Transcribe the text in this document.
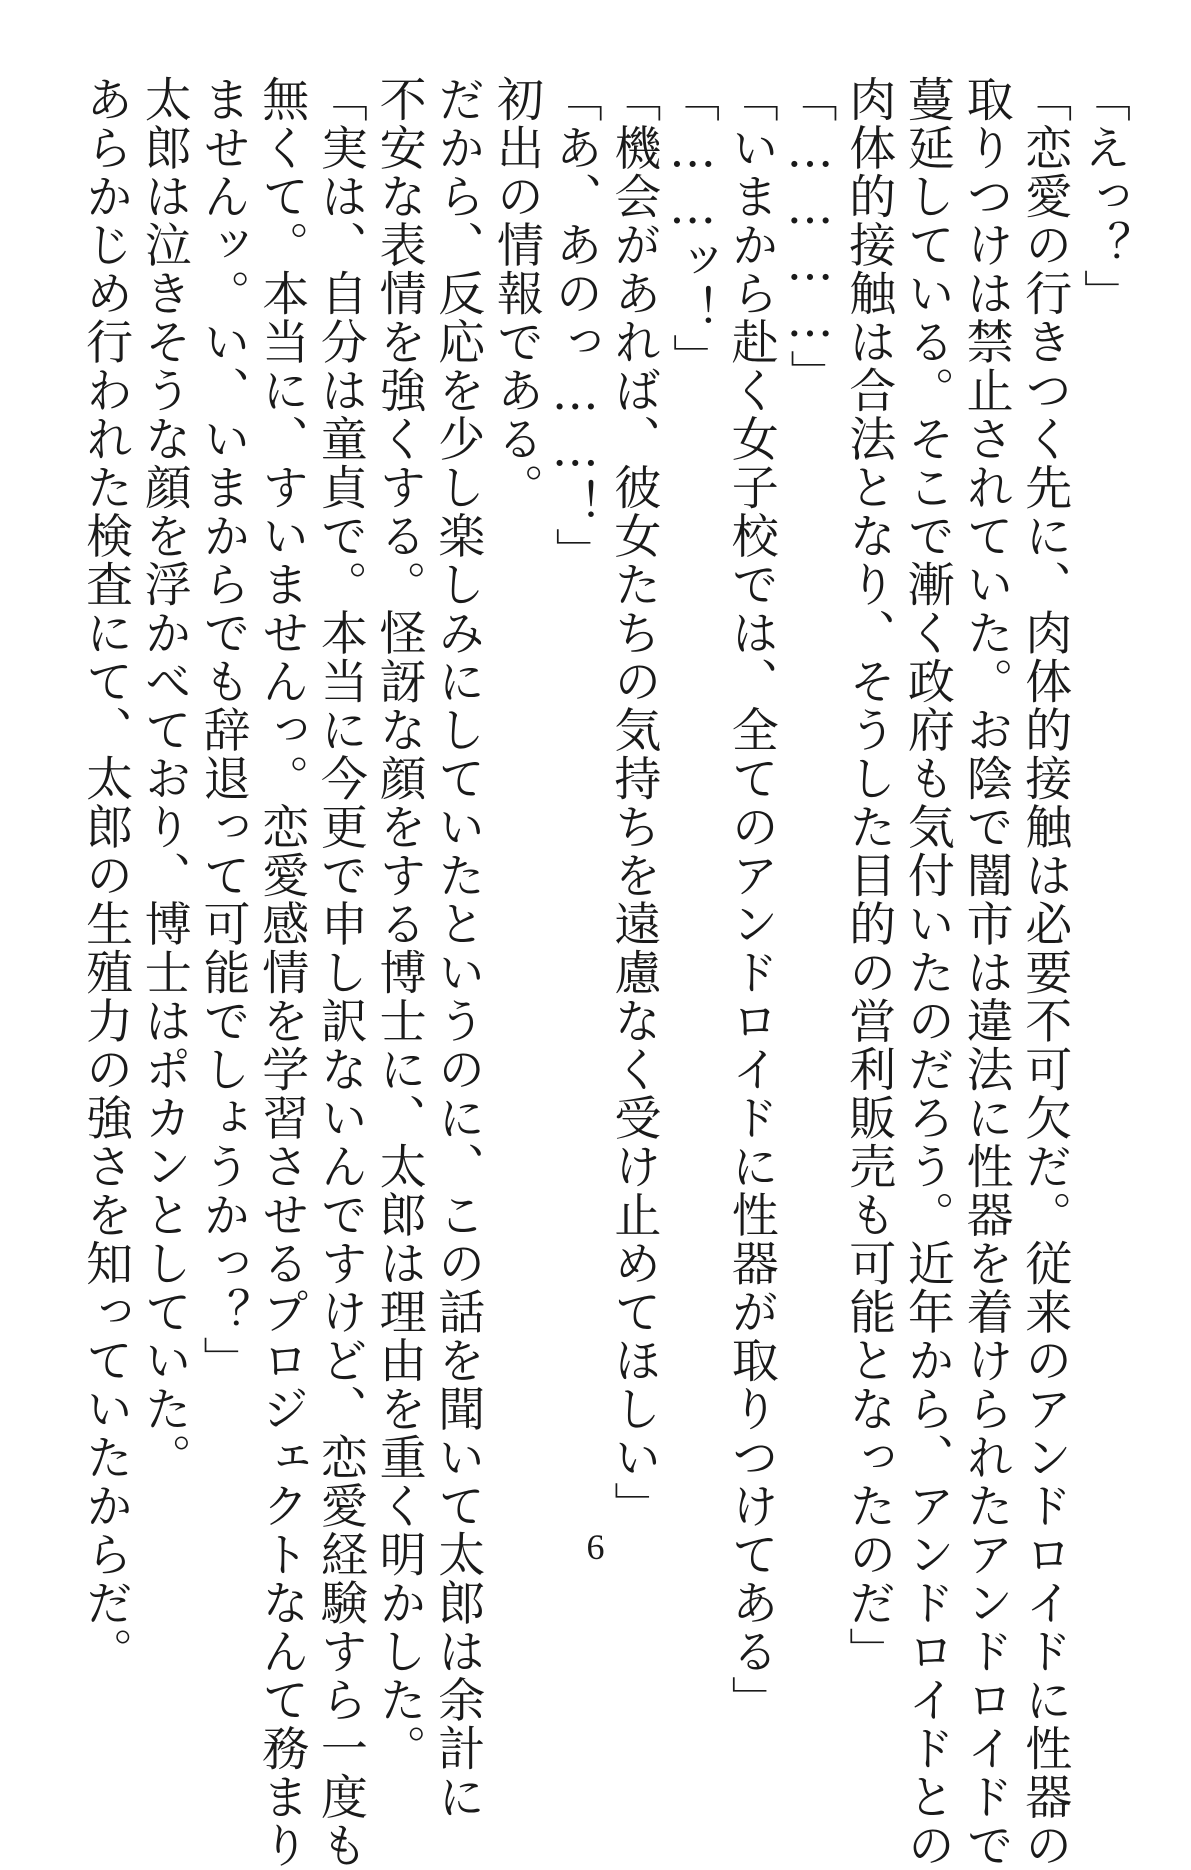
「えっ？」
「恋愛の行きつく先に、肉体的接触は必要不可欠だ。従来のアンドロイドに性器の
取りつけは禁止されていた。お陰で闇市は違法に性器を着けられたアンドロイドで
蔓延している。そこで漸く政府も気付いたのだろう。近年から、アンドロイドとの
肉体的接触は合法となり、そうした目的の営利販売も可能となったのだ」
「…………」
「いまから赴く女子校では、全てのアンドロイドに性器が取りつけてある」
「……ッ！」
「機会があれば、彼女たちの気持ちを遠慮なく受け止めてほしい」
「あ、あのっ……！」
初出の情報である。
だから、反応を少し楽しみにしていたというのに、この話を聞いて太郎は余計に
不安な表情を強くする。怪訝な顔をする博士に、太郎は理由を重く明かした。
「実は、自分は童貞で。本当に今更で申し訳ないんですけど、恋愛経験すら一度も
無くて。本当に、すいませんっ。恋愛感情を学習させるプロジェクトなんて務まり
ませんッ。い、いまからでも辞退って可能でしょうかっ？」
太郎は泣きそうな顔を浮かべており、博士はポカンとしていた。
あらかじめ行われた検査にて、太郎の生殖力の強さを知っていたからだ。	6
